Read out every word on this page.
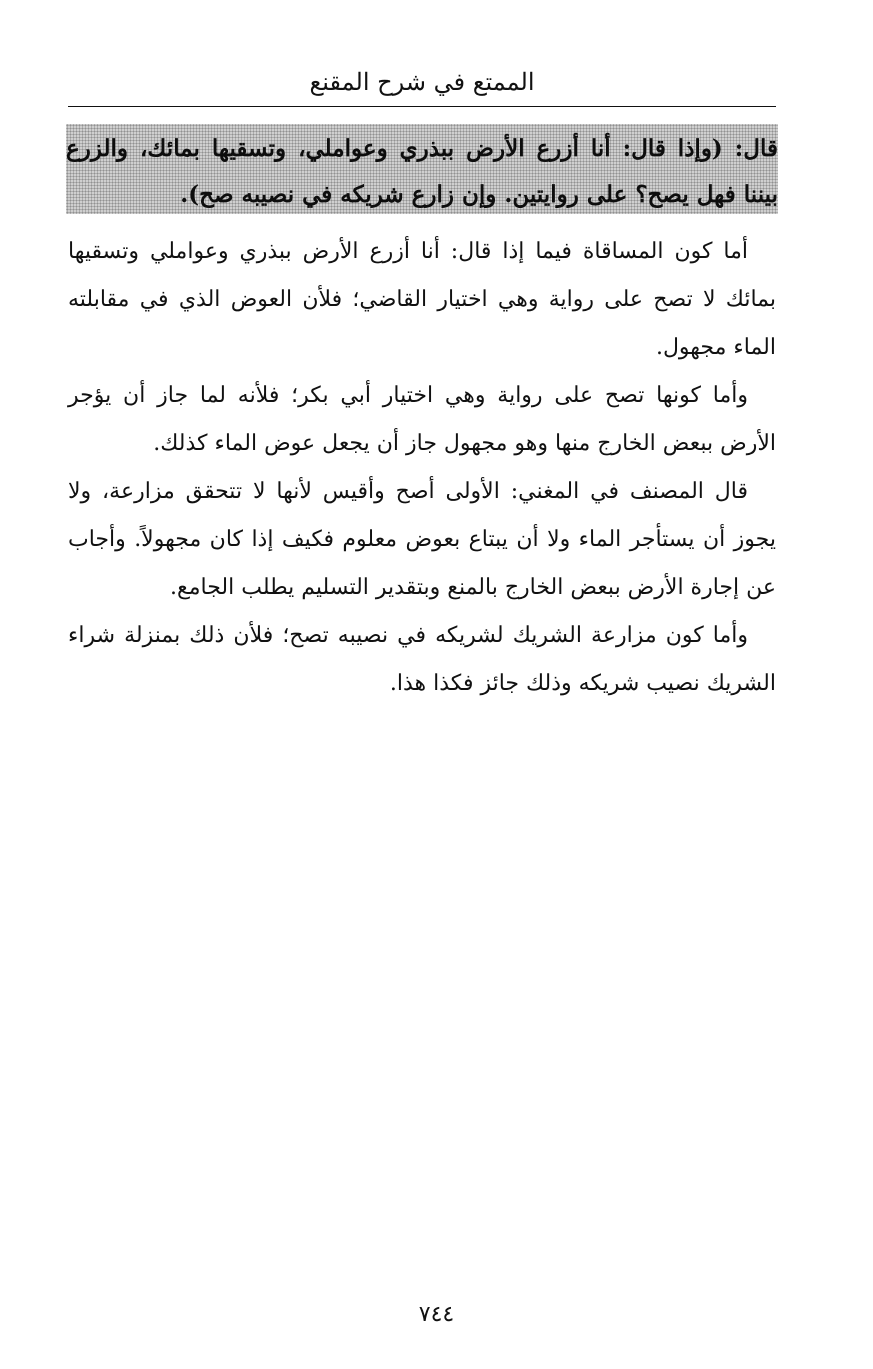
الممتع في شرح المقنع
قال: (وإذا قال: أنا أزرع الأرض ببذري وعواملي، وتسقيها بمائك، والزرع بيننا فهل يصح؟ على روايتين. وإن زارع شريكه في نصيبه صح).

أما كون المساقاة فيما إذا قال: أنا أزرع الأرض ببذري وعواملي وتسقيها بمائك لا تصح على رواية وهي اختيار القاضي؛ فلأن العوض الذي في مقابلته الماء مجهول.

وأما كونها تصح على رواية وهي اختيار أبي بكر؛ فلأنه لما جاز أن يؤجر الأرض ببعض الخارج منها وهو مجهول جاز أن يجعل عوض الماء كذلك.

قال المصنف في المغني: الأولى أصح وأقيس لأنها لا تتحقق مزارعة، ولا يجوز أن يستأجر الماء ولا أن يبتاع بعوض معلوم فكيف إذا كان مجهولاً. وأجاب عن إجارة الأرض ببعض الخارج بالمنع وبتقدير التسليم يطلب الجامع.

وأما كون مزارعة الشريك لشريكه في نصيبه تصح؛ فلأن ذلك بمنزلة شراء الشريك نصيب شريكه وذلك جائز فكذا هذا.

٧٤٤
